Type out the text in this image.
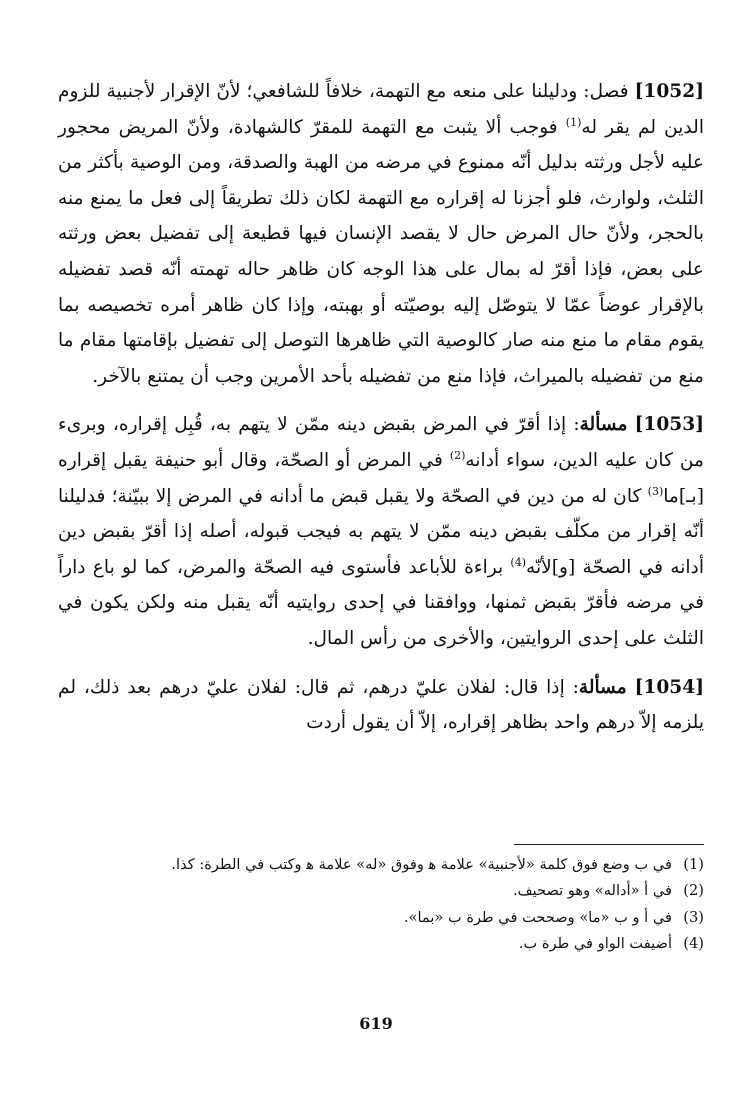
[1052] فصل: ودليلنا على منعه مع التهمة، خلافاً للشافعي؛ لأنّ الإقرار لأجنبية للزوم الدين لم يقر له$^{(1)}$ فوجب ألا يثبت مع التهمة للمقرّ كالشهادة، ولأنّ المريض محجور عليه لأجل ورثته بدليل أنّه ممنوع في مرضه من الهبة والصدقة، ومن الوصية بأكثر من الثلث، ولوارث، فلو أجزنا له إقراره مع التهمة لكان ذلك تطريقاً إلى فعل ما يمنع منه بالحجر، ولأنّ حال المرض حال لا يقصد الإنسان فيها قطيعة إلى تفضيل بعض ورثته على بعض، فإذا أقرّ له بمال على هذا الوجه كان ظاهر حاله تهمته أنّه قصد تفضيله بالإقرار عوضاً عمّا لا يتوصّل إليه بوصيّته أو بهبته، وإذا كان ظاهر أمره تخصيصه بما يقوم مقام ما منع منه صار كالوصية التي ظاهرها التوصل إلى تفضيل بإقامتها مقام ما منع من تفضيله بالميراث، فإذا منع من تفضيله بأحد الأمرين وجب أن يمتنع بالآخر.

[1053] مسألة: إذا أقرّ في المرض بقبض دينه ممّن لا يتهم به، قُبِل إقراره، وبرىء من كان عليه الدين، سواء أدانه$^{(2)}$ في المرض أو الصحّة، وقال أبو حنيفة يقبل إقراره [بـ]ما$^{(3)}$ كان له من دين في الصحّة ولا يقبل قبض ما أدانه في المرض إلا ببيّنة؛ فدليلنا أنّه إقرار من مكلّف بقبض دينه ممّن لا يتهم به فيجب قبوله، أصله إذا أقرّ بقبض دين أدانه في الصحّة [و]لأنّه$^{(4)}$ براءة للأباعد فأستوى فيه الصحّة والمرض، كما لو باع داراً في مرضه فأقرّ بقبض ثمنها، ووافقنا في إحدى روايتيه أنّه يقبل منه ولكن يكون في الثلث على إحدى الروايتين، والأخرى من رأس المال.

[1054] مسألة: إذا قال: لفلان عليّ درهم، ثم قال: لفلان عليّ درهم بعد ذلك، لم يلزمه إلاّ درهم واحد بظاهر إقراره، إلاّ أن يقول أردت

(1)
في ب وضع فوق كلمة «لأجنبية» علامة ﻫ وفوق «له» علامة ﻫ وكتب في الطرة: كذا.
(2)
في أ «أداله» وهو تصحيف.
(3)
في أ و ب «ما» وصححت في طرة ب «بما».
(4)
أضيفت الواو في طرة ب.
619
